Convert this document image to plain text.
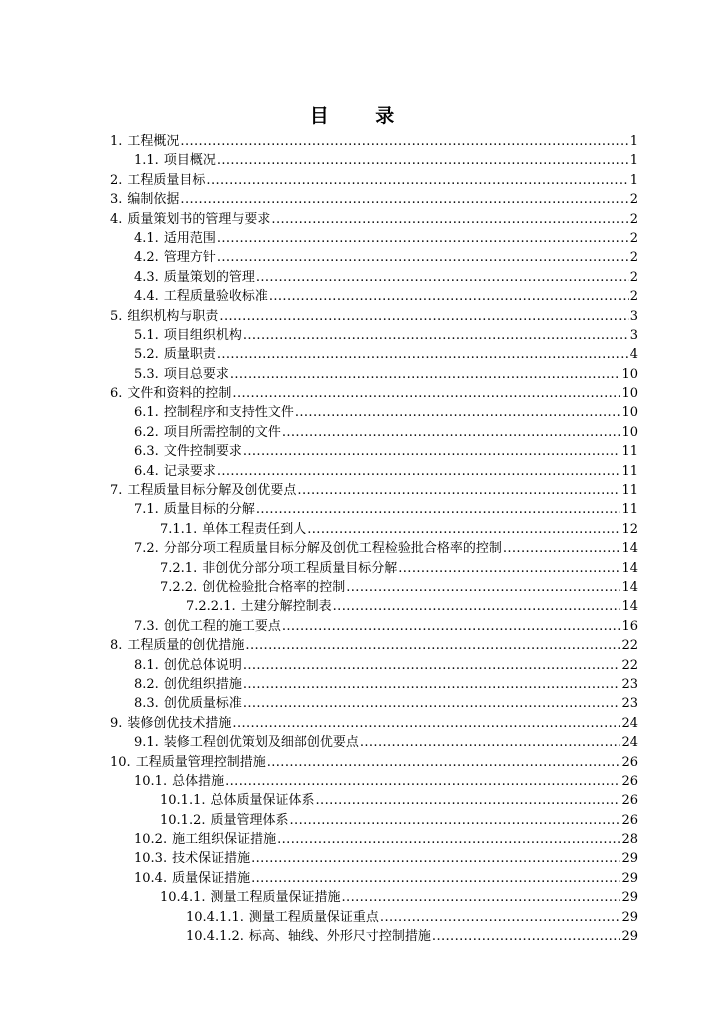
目 录
1. 工程概况 .....	1
1.1. 项目概况 .....	1
2. 工程质量目标 .....	1
3. 编制依据 .....	2
4. 质量策划书的管理与要求 .....	2
4.1. 适用范围 .....	2
4.2. 管理方针 .....	2
4.3. 质量策划的管理 .....	2
4.4. 工程质量验收标准 .....	2
5. 组织机构与职责 .....	3
5.1. 项目组织机构 .....	3
5.2. 质量职责 .....	4
5.3. 项目总要求 .....	10
6. 文件和资料的控制 .....	10
6.1. 控制程序和支持性文件 .....	10
6.2. 项目所需控制的文件 .....	10
6.3. 文件控制要求 .....	11
6.4. 记录要求 .....	11
7. 工程质量目标分解及创优要点 .....	11
7.1. 质量目标的分解 .....	11
7.1.1. 单体工程责任到人 .....	12
7.2. 分部分项工程质量目标分解及创优工程检验批合格率的控制 .....	14
7.2.1. 非创优分部分项工程质量目标分解 .....	14
7.2.2. 创优检验批合格率的控制 .....	14
7.2.2.1. 土建分解控制表 .....	14
7.3. 创优工程的施工要点 .....	16
8. 工程质量的创优措施 .....	22
8.1. 创优总体说明 .....	22
8.2. 创优组织措施 .....	23
8.3. 创优质量标准 .....	23
9. 装修创优技术措施 .....	24
9.1. 装修工程创优策划及细部创优要点 .....	24
10. 工程质量管理控制措施 .....	26
10.1. 总体措施 .....	26
10.1.1. 总体质量保证体系 .....	26
10.1.2. 质量管理体系 .....	26
10.2. 施工组织保证措施 .....	28
10.3. 技术保证措施 .....	29
10.4. 质量保证措施 .....	29
10.4.1. 测量工程质量保证措施 .....	29
10.4.1.1. 测量工程质量保证重点 .....	29
10.4.1.2. 标高、轴线、外形尺寸控制措施 .....	29
